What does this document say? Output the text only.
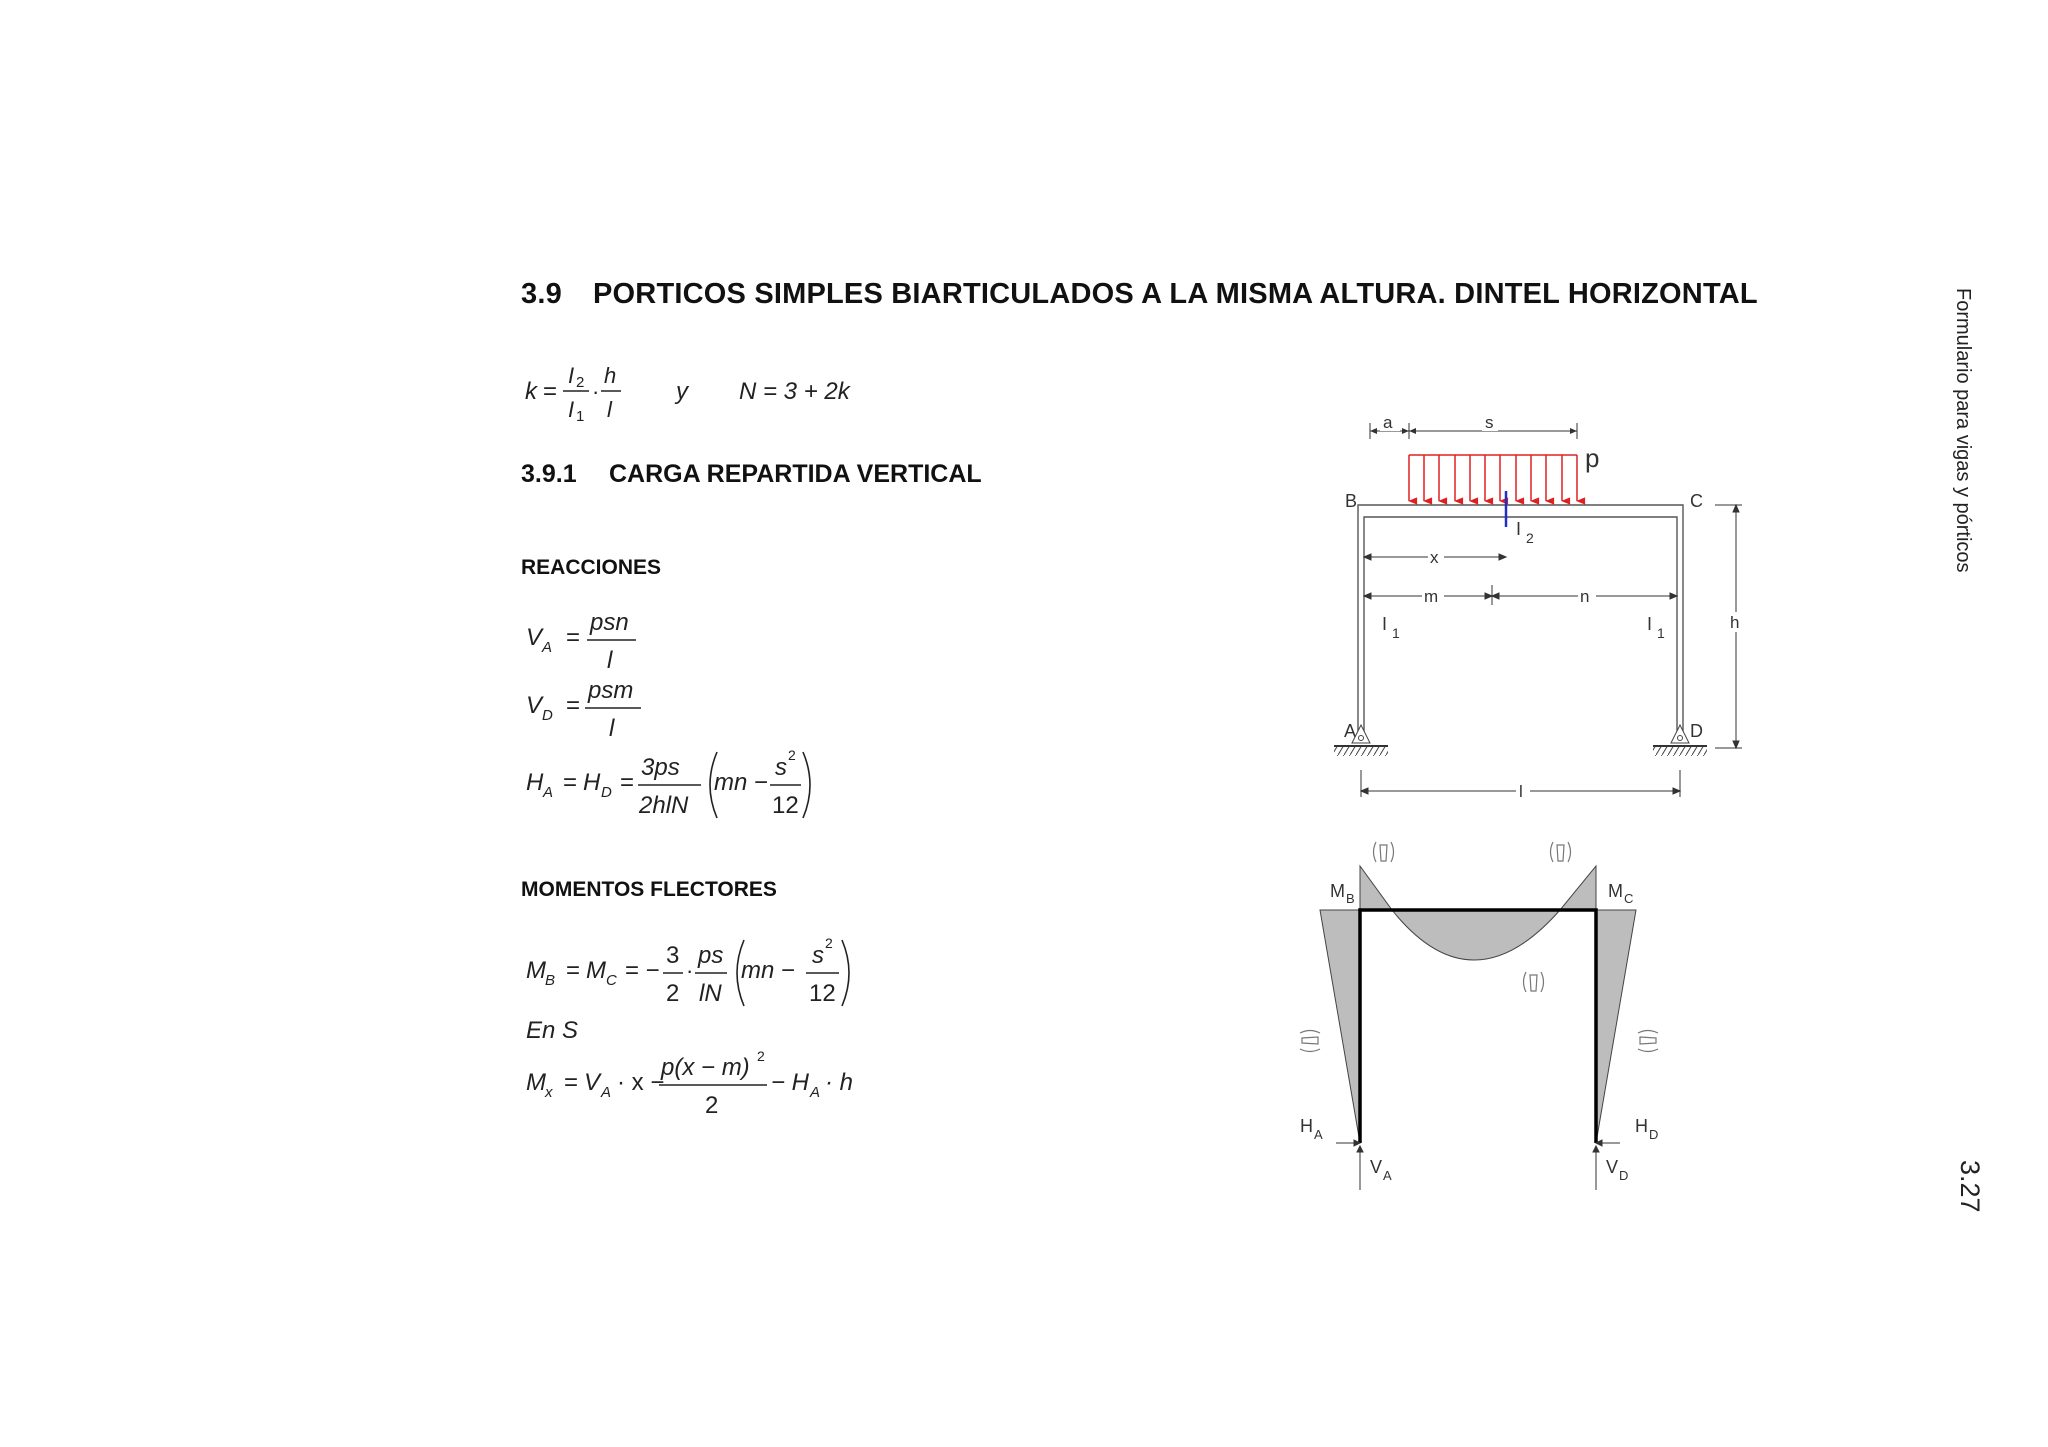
3.9 PORTICOS SIMPLES BIARTICULADOS A LA MISMA ALTURA. DINTEL HORIZONTAL	Formulario para vigas y pórticos
3.27
k =
I 2
I 1
·
h
l
y N = 3 + 2k
3.9.1 CARGA REPARTIDA VERTICAL
REACCIONES
V A =
psn
l
V D =
psm
l
H A = H D =
3ps
2hlN
mn −
s 2
12
MOMENTOS FLECTORES
M B = M C = −
3
2
·
ps
lN
mn −
s 2
12
En S
M x = V A · x −
p(x − m) 2
2
− H A · h
a	s
p
I 2
B	C
A	D
I 1	I 1
x
m	n
h
l
M B	M C
H A	H D
V A	V D
